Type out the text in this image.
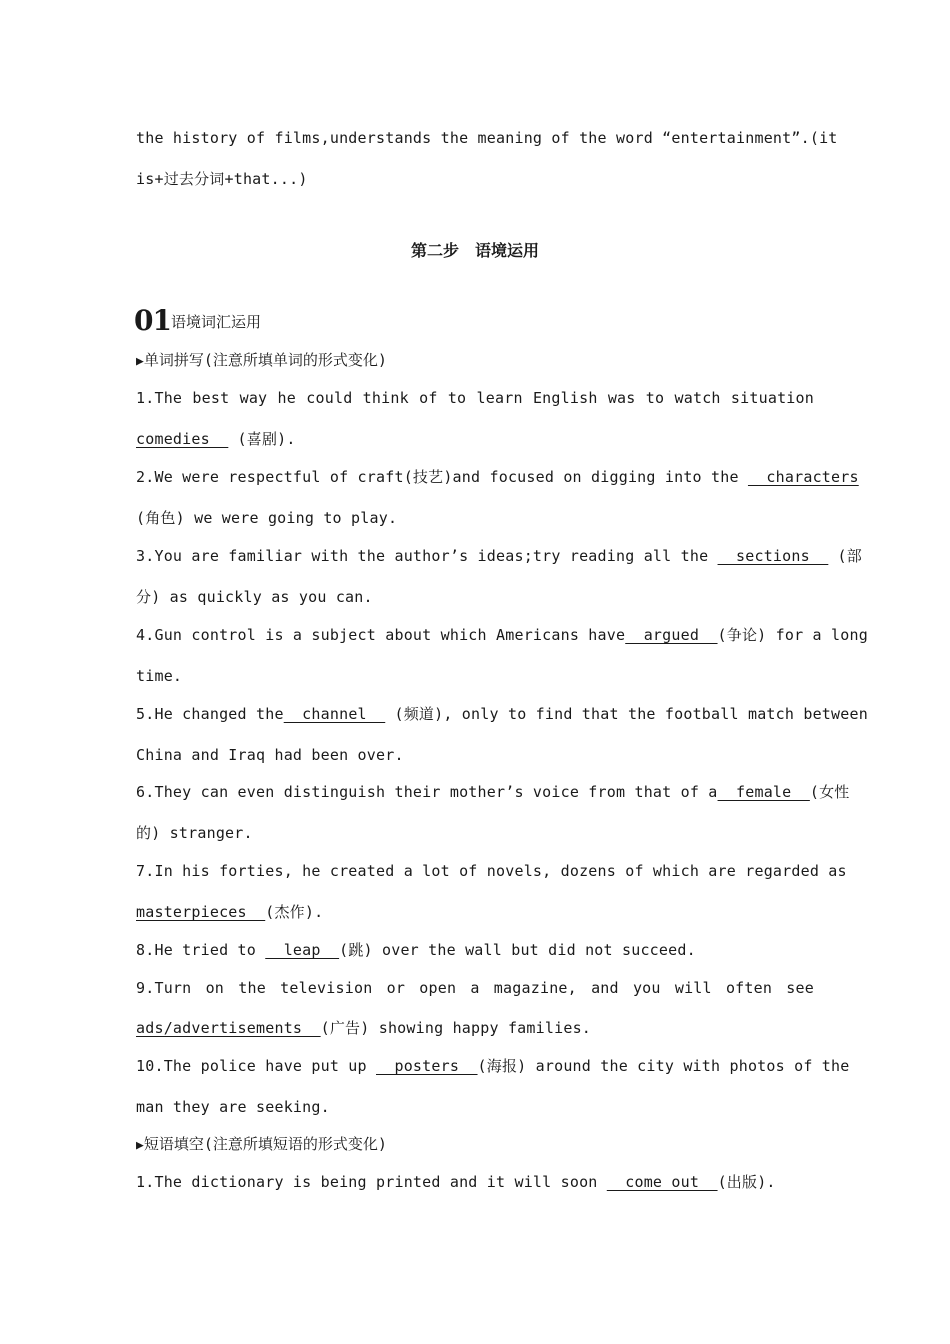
the history of films,understands the meaning of the word “entertainment”.(it
is+过去分词+that...)
第二步　语境运用
01语境词汇运用
▶单词拼写(注意所填单词的形式变化)
1.The best way he could think of to learn English was to watch situation
comedies   (喜剧).
2.We were respectful of craft(技艺)and focused on digging into the   characters
(角色) we were going to play.
3.You are familiar with the author’s ideas;try reading all the   sections   (部
分) as quickly as you can.
4.Gun control is a subject about which Americans have  argued  (争论) for a long
time.
5.He changed the  channel   (频道), only to find that the football match between
China and Iraq had been over.
6.They can even distinguish their mother’s voice from that of a  female  (女性
的) stranger.
7.In his forties, he created a lot of novels, dozens of which are regarded as
masterpieces  (杰作).
8.He tried to   leap  (跳) over the wall but did not succeed.
9.Turn on the television or open a magazine, and you will often see
ads/advertisements  (广告) showing happy families.
10.The police have put up   posters  (海报) around the city with photos of the
man they are seeking.
▶短语填空(注意所填短语的形式变化)
1.The dictionary is being printed and it will soon   come out  (出版).
